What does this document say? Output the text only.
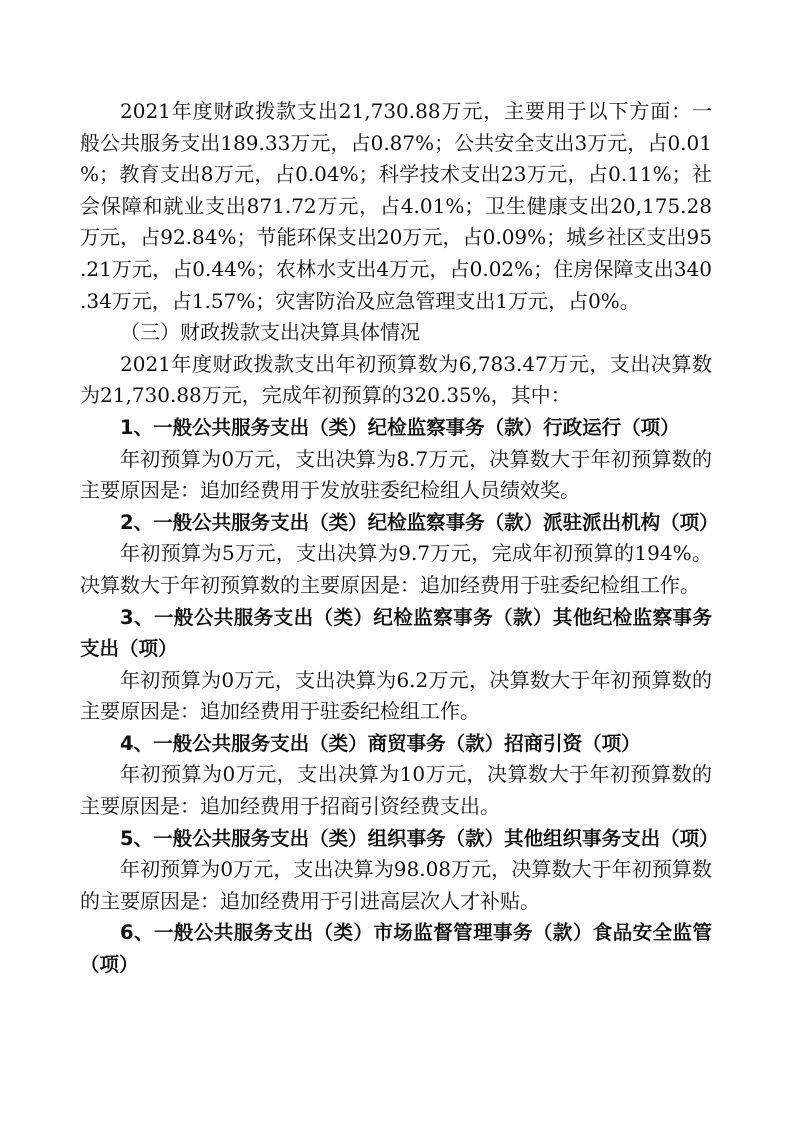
2021年度财政拨款支出21,730.88万元，主要用于以下方面：一般公共服务支出189.33万元，占0.87%；公共安全支出3万元，占0.01%；教育支出8万元，占0.04%；科学技术支出23万元，占0.11%；社会保障和就业支出871.72万元，占4.01%；卫生健康支出20,175.28万元，占92.84%；节能环保支出20万元，占0.09%；城乡社区支出95.21万元，占0.44%；农林水支出4万元，占0.02%；住房保障支出340.34万元，占1.57%；灾害防治及应急管理支出1万元，占0%。

（三）财政拨款支出决算具体情况

2021年度财政拨款支出年初预算数为6,783.47万元，支出决算数为21,730.88万元，完成年初预算的320.35%，其中：

1、一般公共服务支出（类）纪检监察事务（款）行政运行（项）

年初预算为0万元，支出决算为8.7万元，决算数大于年初预算数的主要原因是：追加经费用于发放驻委纪检组人员绩效奖。

2、一般公共服务支出（类）纪检监察事务（款）派驻派出机构（项）

年初预算为5万元，支出决算为9.7万元，完成年初预算的194%。决算数大于年初预算数的主要原因是：追加经费用于驻委纪检组工作。

3、一般公共服务支出（类）纪检监察事务（款）其他纪检监察事务支出（项）

年初预算为0万元，支出决算为6.2万元，决算数大于年初预算数的主要原因是：追加经费用于驻委纪检组工作。

4、一般公共服务支出（类）商贸事务（款）招商引资（项）

年初预算为0万元，支出决算为10万元，决算数大于年初预算数的主要原因是：追加经费用于招商引资经费支出。

5、一般公共服务支出（类）组织事务（款）其他组织事务支出（项）

年初预算为0万元，支出决算为98.08万元，决算数大于年初预算数的主要原因是：追加经费用于引进高层次人才补贴。

6、一般公共服务支出（类）市场监督管理事务（款）食品安全监管（项）
